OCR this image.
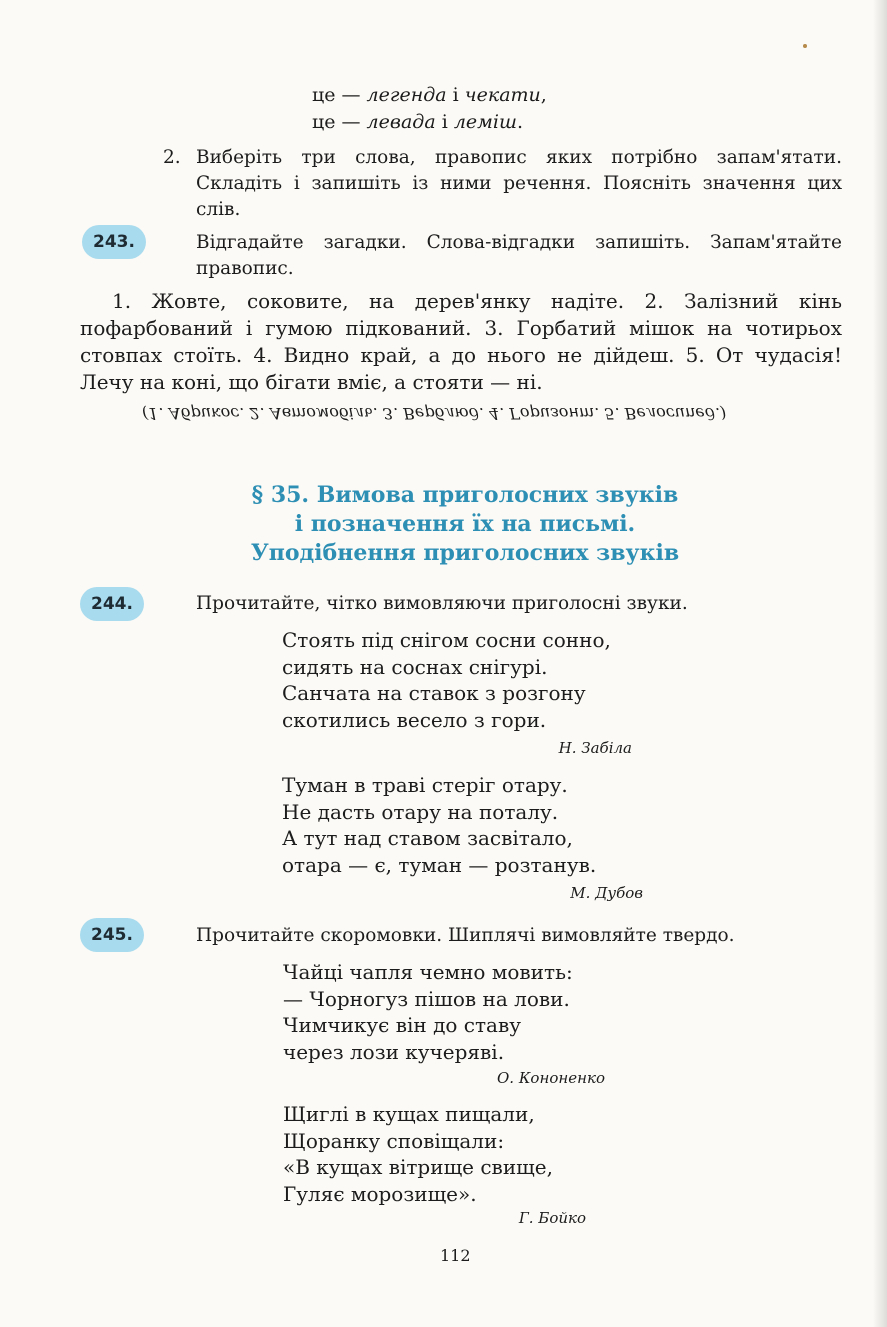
це — легенда і чекати,
це — левада і леміш.
2. Виберіть три слова, правопис яких потрібно запам'ятати. Складіть і запишіть із ними речення. Поясніть значення цих слів.
243.	Відгадайте загадки. Слова-відгадки запишіть. Запам'ятайте правопис.
1. Жовте, соковите, на дерев'янку надіте. 2. Залізний кінь пофарбований і гумою підкований. 3. Горбатий мішок на чотирьох стовпах стоїть. 4. Видно край, а до нього не дійдеш. 5. От чудасія! Лечу на коні, що бігати вміє, а стояти — ні.
(1. Абрикос. 2. Автомобіль. 3. Верблюд. 4. Горизонт. 5. Велосипед.)
§ 35. Вимова приголосних звуків
і позначення їх на письмі.
Уподібнення приголосних звуків
244.	Прочитайте, чітко вимовляючи приголосні звуки.
Стоять під снігом сосни сонно,
сидять на соснах снігурі.
Санчата на ставок з розгону
скотились весело з гори.
Н. Забіла
Туман в траві стеріг отару.
Не дасть отару на поталу.
А тут над ставом засвітало,
отара — є, туман — розтанув.
М. Дубов
245.	Прочитайте скоромовки. Шиплячі вимовляйте твердо.
Чайці чапля чемно мовить:
— Чорногуз пішов на лови.
Чимчикує він до ставу
через лози кучеряві.
О. Кононенко
Щиглі в кущах пищали,
Щоранку сповіщали:
«В кущах вітрище свище,
Гуляє морозище».
Г. Бойко
112
